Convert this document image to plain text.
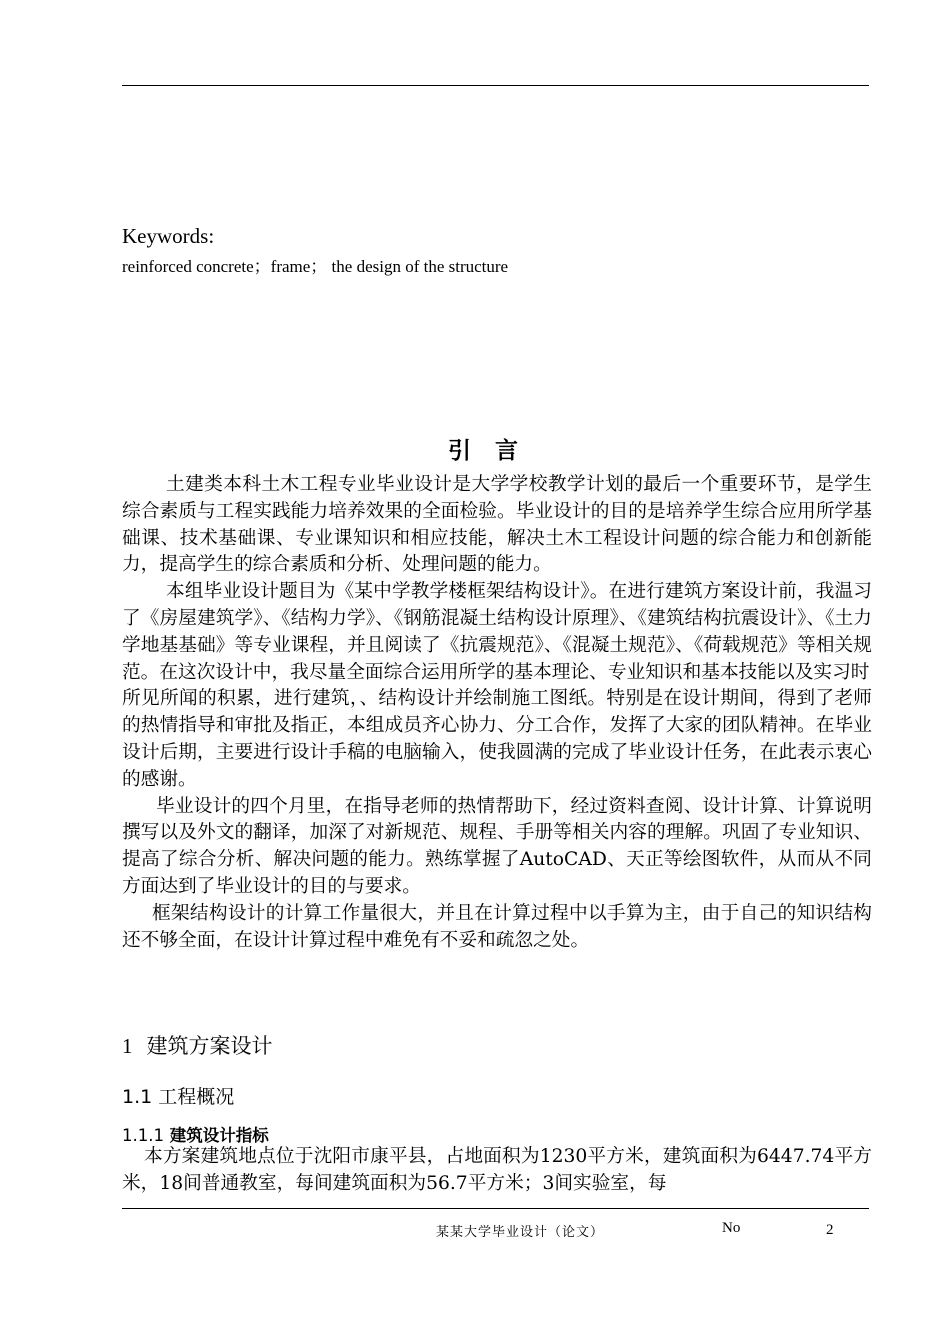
Keywords:
reinforced concrete；frame； the design of the structure
引言

土建类本科土木工程专业毕业设计是大学学校教学计划的最后一个重要环节，是学生综合素质与工程实践能力培养效果的全面检验。毕业设计的目的是培养学生综合应用所学基础课、技术基础课、专业课知识和相应技能，解决土木工程设计问题的综合能力和创新能力，提高学生的综合素质和分析、处理问题的能力。

本组毕业设计题目为《某中学教学楼框架结构设计》。在进行建筑方案设计前，我温习了《房屋建筑学》、《结构力学》、《钢筋混凝土结构设计原理》、《建筑结构抗震设计》、《土力学地基基础》等专业课程，并且阅读了《抗震规范》、《混凝土规范》、《荷载规范》等相关规范。在这次设计中，我尽量全面综合运用所学的基本理论、专业知识和基本技能以及实习时

所见所闻的积累，进行建筑，、结构设计并绘制施工图纸。特别是在设计期间，得到了老师的热情指导和审批及指正，本组成员齐心协力、分工合作，发挥了大家的团队精神。在毕业设计后期，主要进行设计手稿的电脑输入，使我圆满的完成了毕业设计任务，在此表示衷心的感谢。

毕业设计的四个月里，在指导老师的热情帮助下，经过资料查阅、设计计算、计算说明撰写以及外文的翻译，加深了对新规范、规程、手册等相关内容的理解。巩固了专业知识、提高了综合分析、解决问题的能力。熟练掌握了AutoCAD、天正等绘图软件，从而从不同方面达到了毕业设计的目的与要求。

框架结构设计的计算工作量很大，并且在计算过程中以手算为主，由于自己的知识结构还不够全面，在设计计算过程中难免有不妥和疏忽之处。

1 建筑方案设计
1.1 工程概况
1.1.1 建筑设计指标

本方案建筑地点位于沈阳市康平县，占地面积为1230平方米，建筑面积为6447.74平方米，18间普通教室，每间建筑面积为56.7平方米；3间实验室，每

某某大学毕业设计（论文）	No	2
